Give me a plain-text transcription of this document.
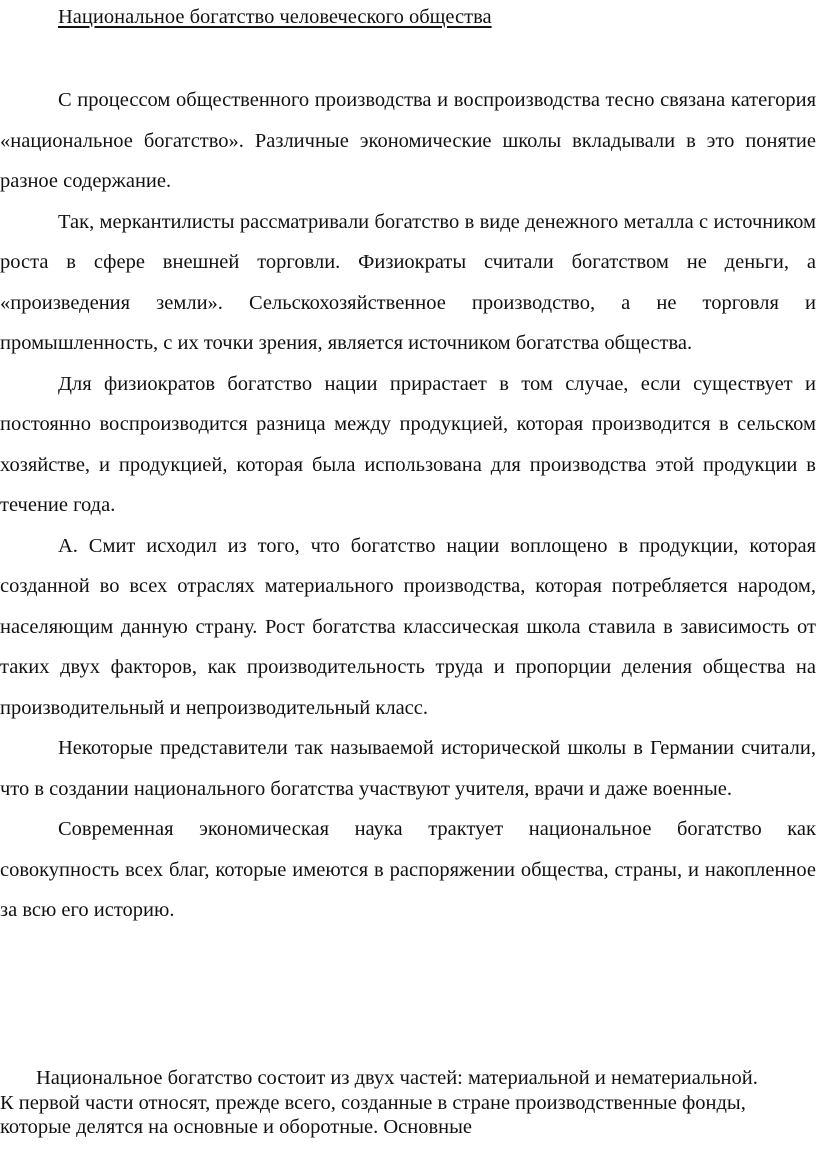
Национальное богатство человеческого общества

С процессом общественного производства и воспроизводства тесно связана категория «национальное богатство». Различные экономические школы вкладывали в это понятие разное содержание.

Так, меркантилисты рассматривали богатство в виде денежного металла с источником роста в сфере внешней торговли. Физиократы считали богатством не деньги, а «произведения земли». Сельскохозяйственное производство, а не торговля и промышленность, с их точки зрения, является источником богатства общества.

Для физиократов богатство нации прирастает в том случае, если существует и постоянно воспроизводится разница между продукцией, которая производится в сельском хозяйстве, и продукцией, которая была использована для производства этой продукции в течение года.

А. Смит исходил из того, что богатство нации воплощено в продукции, которая созданной во всех отраслях материального производства, которая потребляется народом, населяющим данную страну. Рост богатства классическая школа ставила в зависимость от таких двух факторов, как производительность труда и пропорции деления общества на производительный и непроизводительный класс.

Некоторые представители так называемой исторической школы в Германии считали, что в создании национального богатства участвуют учителя, врачи и даже военные.

Современная экономическая наука трактует национальное богатство как совокупность всех благ, которые имеются в распоряжении общества, страны, и накопленное за всю его историю.

Национальное богатство состоит из двух частей: материальной и нематериальной. К первой части относят, прежде всего, созданные в стране производственные фонды, которые делятся на основные и оборотные. Основные
